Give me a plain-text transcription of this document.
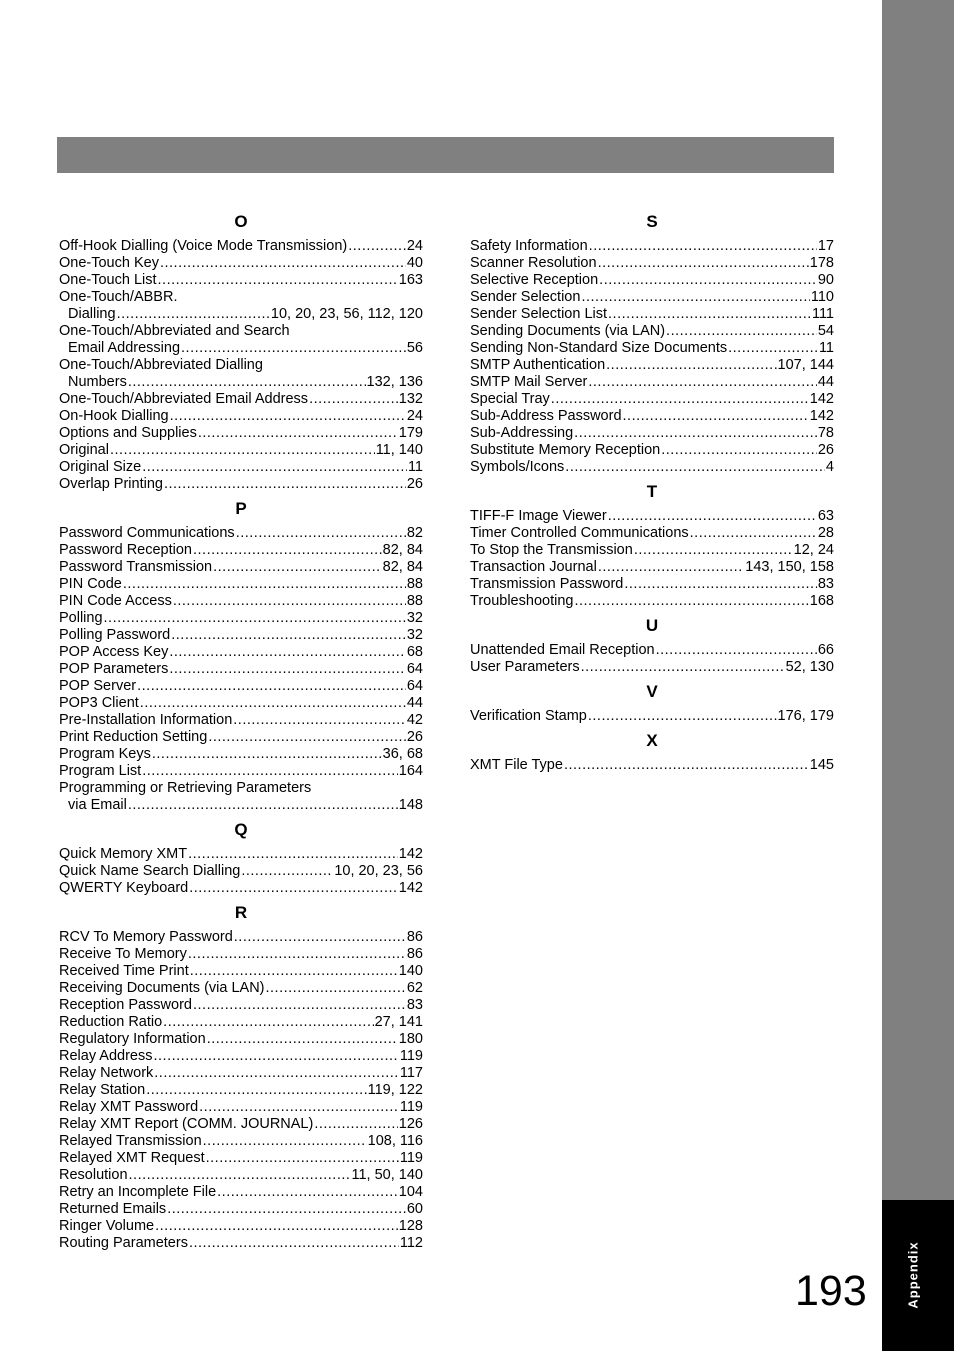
O
Off-Hook Dialling (Voice Mode Transmission) .....	24
One-Touch Key .....	40
One-Touch List .....	163
One-Touch/ABBR.
Dialling .....	10, 20, 23, 56, 112, 120
One-Touch/Abbreviated and Search
Email Addressing .....	56
One-Touch/Abbreviated Dialling
Numbers .....	132, 136
One-Touch/Abbreviated Email Address .....	132
On-Hook Dialling .....	24
Options and Supplies .....	179
Original .....	11, 140
Original Size .....	11
Overlap Printing .....	26
P
Password Communications .....	82
Password Reception .....	82, 84
Password Transmission .....	82, 84
PIN Code .....	88
PIN Code Access .....	88
Polling .....	32
Polling Password .....	32
POP Access Key .....	68
POP Parameters .....	64
POP Server .....	64
POP3 Client .....	44
Pre-Installation Information .....	42
Print Reduction Setting .....	26
Program Keys .....	36, 68
Program List .....	164
Programming or Retrieving Parameters
via Email .....	148
Q
Quick Memory XMT .....	142
Quick Name Search Dialling .....	10, 20, 23, 56
QWERTY Keyboard .....	142
R
RCV To Memory Password .....	86
Receive To Memory .....	86
Received Time Print .....	140
Receiving Documents (via LAN) .....	62
Reception Password .....	83
Reduction Ratio .....	27, 141
Regulatory Information .....	180
Relay Address .....	119
Relay Network .....	117
Relay Station .....	119, 122
Relay XMT Password .....	119
Relay XMT Report (COMM. JOURNAL) .....	126
Relayed Transmission .....	108, 116
Relayed XMT Request .....	119
Resolution .....	11, 50, 140
Retry an Incomplete File .....	104
Returned Emails .....	60
Ringer Volume .....	128
Routing Parameters .....	112
S
Safety Information .....	17
Scanner Resolution .....	178
Selective Reception .....	90
Sender Selection .....	110
Sender Selection List .....	111
Sending Documents (via LAN) .....	54
Sending Non-Standard Size Documents .....	11
SMTP Authentication .....	107, 144
SMTP Mail Server .....	44
Special Tray .....	142
Sub-Address Password .....	142
Sub-Addressing .....	78
Substitute Memory Reception .....	26
Symbols/Icons .....	4
T
TIFF-F Image Viewer .....	63
Timer Controlled Communications .....	28
To Stop the Transmission .....	12, 24
Transaction Journal .....	143, 150, 158
Transmission Password .....	83
Troubleshooting .....	168
U
Unattended Email Reception .....	66
User Parameters .....	52, 130
V
Verification Stamp .....	176, 179
X
XMT File Type .....	145
Appendix
193
